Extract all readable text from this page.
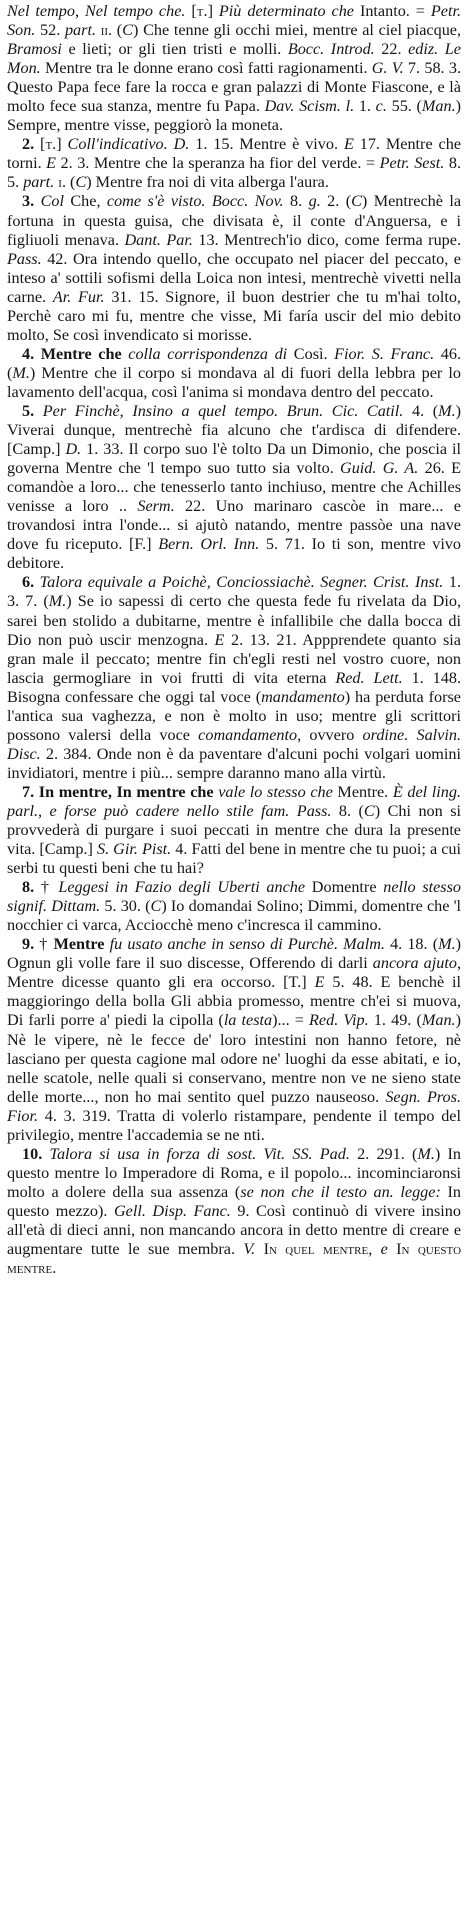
Nel tempo, Nel tempo che. [t.] Più determinato che Intanto. = Petr. Son. 52. part. ii. (C) Che tenne gli occhi miei, mentre al ciel piacque, Bramosi e lieti; or gli tien tristi e molli. Bocc. Introd. 22. ediz. Le Mon. Mentre tra le donne erano così fatti ragionamenti. G. V. 7. 58. 3. Questo Papa fece fare la rocca e gran palazzi di Monte Fiascone, e là molto fece sua stanza, mentre fu Papa. Dav. Scism. l. 1. c. 55. (Man.) Sempre, mentre visse, peggiorò la moneta.

2. [t.] Coll'indicativo. D. 1. 15. Mentre è vivo. E 17. Mentre che torni. E 2. 3. Mentre che la speranza ha fior del verde. = Petr. Sest. 8. 5. part. i. (C) Mentre fra noi di vita alberga l'aura.

3. Col Che, come s'è visto. Bocc. Nov. 8. g. 2. (C) Mentrechè la fortuna in questa guisa, che divisata è, il conte d'Anguersa, e i figliuoli menava. Dant. Par. 13. Mentrech'io dico, come ferma rupe. Pass. 42. Ora intendo quello, che occupato nel piacer del peccato, e inteso a' sottili sofismi della Loica non intesi, mentrechè vivetti nella carne. Ar. Fur. 31. 15. Signore, il buon destrier che tu m'hai tolto, Perchè caro mi fu, mentre che visse, Mi faría uscir del mio debito molto, Se così invendicato si morisse.

4. Mentre che colla corrispondenza di Così. Fior. S. Franc. 46. (M.) Mentre che il corpo si mondava al di fuori della lebbra per lo lavamento dell'acqua, così l'anima si mondava dentro del peccato.

5. Per Finchè, Insino a quel tempo. Brun. Cic. Catil. 4. (M.) Viverai dunque, mentrechè fia alcuno che t'ardisca di difendere. [Camp.] D. 1. 33. Il corpo suo l'è tolto Da un Dimonio, che poscia il governa Mentre che 'l tempo suo tutto sia volto. Guid. G. A. 26. E comandòe a loro... che tenesserlo tanto inchiuso, mentre che Achilles venisse a loro .. Serm. 22. Uno marinaro cascòe in mare... e trovandosi intra l'onde... si ajutò natando, mentre passòe una nave dove fu riceputo. [F.] Bern. Orl. Inn. 5. 71. Io ti son, mentre vivo debitore.

6. Talora equivale a Poichè, Conciossiachè. Segner. Crist. Inst. 1. 3. 7. (M.) Se io sapessi di certo che questa fede fu rivelata da Dio, sarei ben stolido a dubitarne, mentre è infallibile che dalla bocca di Dio non può uscir menzogna. E 2. 13. 21. Appprendete quanto sia gran male il peccato; mentre fin ch'egli resti nel vostro cuore, non lascia germogliare in voi frutti di vita eterna Red. Lett. 1. 148. Bisogna confessare che oggi tal voce (mandamento) ha perduta forse l'antica sua vaghezza, e non è molto in uso; mentre gli scrittori possono valersi della voce comandamento, ovvero ordine. Salvin. Disc. 2. 384. Onde non è da paventare d'alcuni pochi volgari uomini invidiatori, mentre i più... sempre daranno mano alla virtù.

7. In mentre, In mentre che vale lo stesso che Mentre. È del ling. parl., e forse può cadere nello stile fam. Pass. 8. (C) Chi non si provvederà di purgare i suoi peccati in mentre che dura la presente vita. [Camp.] S. Gir. Pist. 4. Fatti del bene in mentre che tu puoi; a cui serbi tu questi beni che tu hai?

8. † Leggesi in Fazio degli Uberti anche Domentre nello stesso signif. Dittam. 5. 30. (C) Io domandai Solino; Dimmi, domentre che 'l nocchier ci varca, Acciocchè meno c'incresca il cammino.

9. † Mentre fu usato anche in senso di Purchè. Malm. 4. 18. (M.) Ognun gli volle fare il suo discesse, Offerendo di darli ancora ajuto, Mentre dicesse quanto gli era occorso. [T.] E 5. 48. E benchè il maggioringo della bolla Gli abbia promesso, mentre ch'ei si muova, Di farli porre a' piedi la cipolla (la testa)... = Red. Vip. 1. 49. (Man.) Nè le vipere, nè le fecce de' loro intestini non hanno fetore, nè lasciano per questa cagione mal odore ne' luoghi da esse abitati, e io, nelle scatole, nelle quali si conservano, mentre non ve ne sieno state delle morte..., non ho mai sentito quel puzzo nauseoso. Segn. Pros. Fior. 4. 3. 319. Tratta di volerlo ristampare, pendente il tempo del privilegio, mentre l'accademia se ne nti.

10. Talora si usa in forza di sost. Vit. SS. Pad. 2. 291. (M.) In questo mentre lo Imperadore di Roma, e il popolo... incominciaronsi molto a dolere della sua assenza (se non che il testo an. legge: In questo mezzo). Gell. Disp. Fanc. 9. Così continuò di vivere insino all'età di dieci anni, non mancando ancora in detto mentre di creare e augmentare tutte le sue membra. V. In quel mentre, e In questo mentre.
